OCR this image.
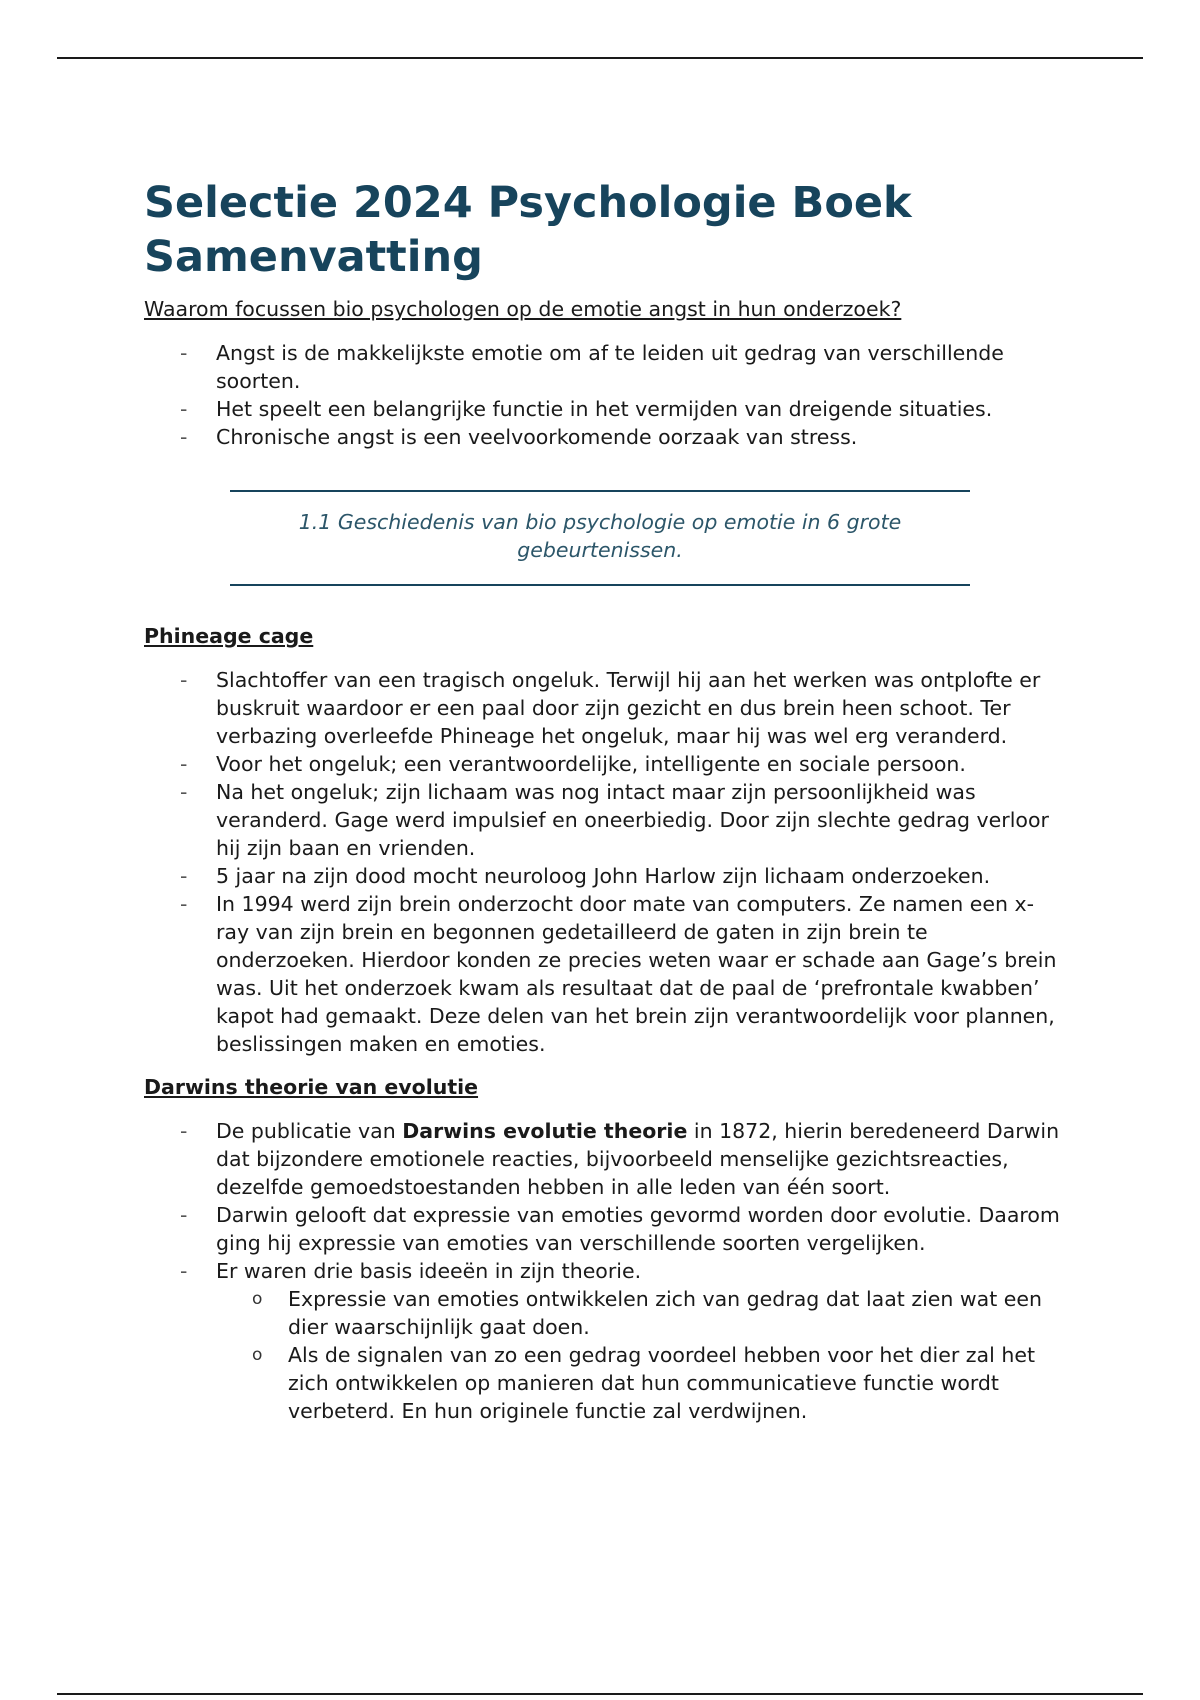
Selectie 2024 Psychologie Boek Samenvatting
Waarom focussen bio psychologen op de emotie angst in hun onderzoek?
- Angst is de makkelijkste emotie om af te leiden uit gedrag van verschillende soorten.
- Het speelt een belangrijke functie in het vermijden van dreigende situaties.
- Chronische angst is een veelvoorkomende oorzaak van stress.
1.1 Geschiedenis van bio psychologie op emotie in 6 grote gebeurtenissen.
Phineage cage
- Slachtoffer van een tragisch ongeluk. Terwijl hij aan het werken was ontplofte er buskruit waardoor er een paal door zijn gezicht en dus brein heen schoot. Ter verbazing overleefde Phineage het ongeluk, maar hij was wel erg veranderd.
- Voor het ongeluk; een verantwoordelijke, intelligente en sociale persoon.
- Na het ongeluk; zijn lichaam was nog intact maar zijn persoonlijkheid was veranderd. Gage werd impulsief en oneerbiedig. Door zijn slechte gedrag verloor hij zijn baan en vrienden.
- 5 jaar na zijn dood mocht neuroloog John Harlow zijn lichaam onderzoeken.
- In 1994 werd zijn brein onderzocht door mate van computers. Ze namen een x-ray van zijn brein en begonnen gedetailleerd de gaten in zijn brein te onderzoeken. Hierdoor konden ze precies weten waar er schade aan Gage’s brein was. Uit het onderzoek kwam als resultaat dat de paal de ‘prefrontale kwabben’ kapot had gemaakt. Deze delen van het brein zijn verantwoordelijk voor plannen, beslissingen maken en emoties.
Darwins theorie van evolutie
- De publicatie van Darwins evolutie theorie in 1872, hierin beredeneerd Darwin dat bijzondere emotionele reacties, bijvoorbeeld menselijke gezichtsreacties, dezelfde gemoedstoestanden hebben in alle leden van één soort.
- Darwin gelooft dat expressie van emoties gevormd worden door evolutie. Daarom ging hij expressie van emoties van verschillende soorten vergelijken.
- Er waren drie basis ideeën in zijn theorie.
o Expressie van emoties ontwikkelen zich van gedrag dat laat zien wat een dier waarschijnlijk gaat doen.
o Als de signalen van zo een gedrag voordeel hebben voor het dier zal het zich ontwikkelen op manieren dat hun communicatieve functie wordt verbeterd. En hun originele functie zal verdwijnen.
